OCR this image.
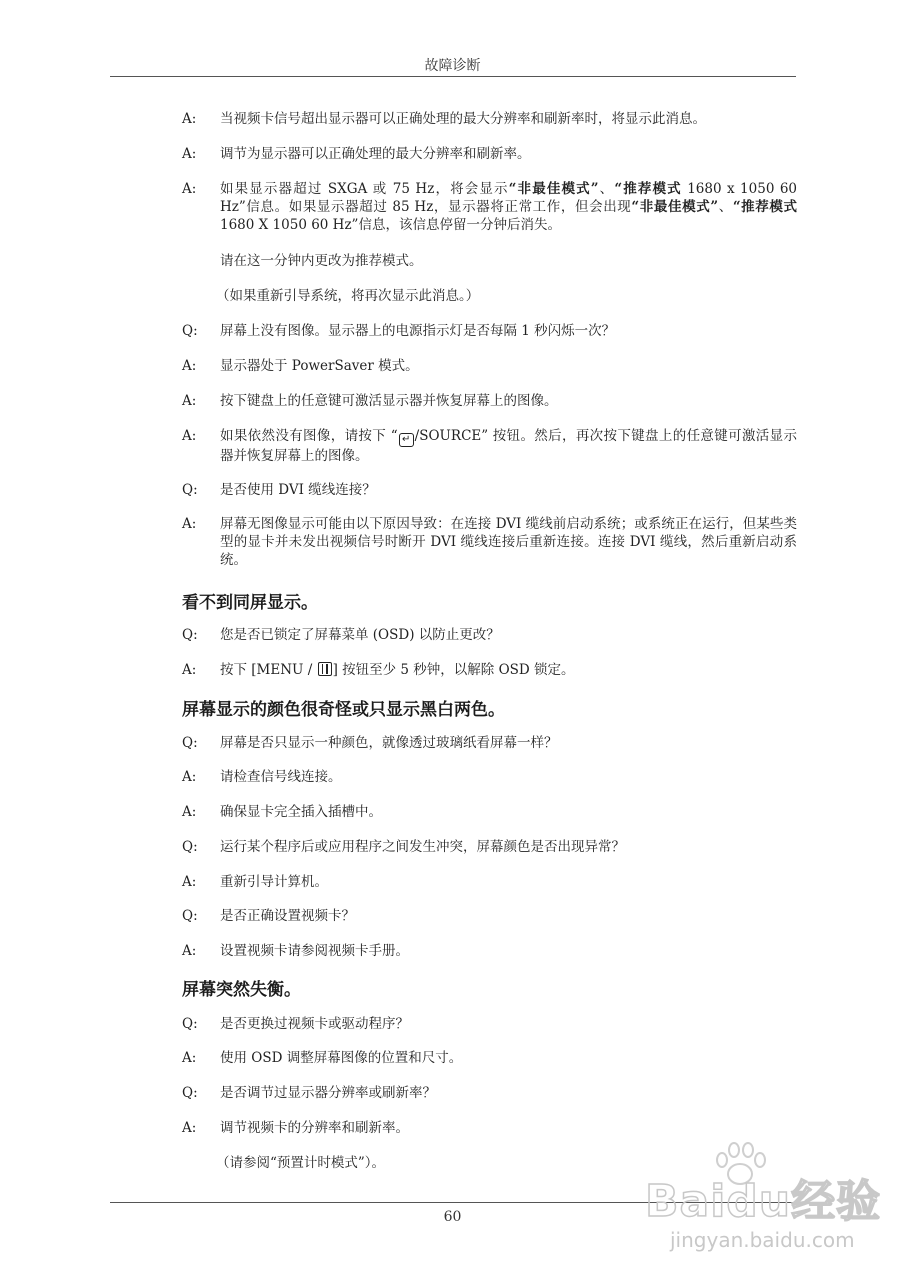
故障诊断
A:	当视频卡信号超出显示器可以正确处理的最大分辨率和刷新率时，将显示此消息。
A:	调节为显示器可以正确处理的最大分辨率和刷新率。
A:	如果显示器超过 SXGA 或 75 Hz，将会显示“非最佳模式”、“推荐模式 1680 x 1050 60 Hz”信息。如果显示器超过 85 Hz，显示器将正常工作，但会出现“非最佳模式”、“推荐模式 1680 X 1050 60 Hz”信息，该信息停留一分钟后消失。
请在这一分钟内更改为推荐模式。
（如果重新引导系统，将再次显示此消息。）
Q:	屏幕上没有图像。显示器上的电源指示灯是否每隔 1 秒闪烁一次？
A:	显示器处于 PowerSaver 模式。
A:	按下键盘上的任意键可激活显示器并恢复屏幕上的图像。
A:	如果依然没有图像，请按下 “ ↵ /SOURCE” 按钮。然后，再次按下键盘上的任意键可激活显示器并恢复屏幕上的图像。
Q:	是否使用 DVI 缆线连接？
A:	屏幕无图像显示可能由以下原因导致：在连接 DVI 缆线前启动系统；或系统正在运行，但某些类型的显卡并未发出视频信号时断开 DVI 缆线连接后重新连接。连接 DVI 缆线，然后重新启动系统。
看不到同屏显示。
Q:	您是否已锁定了屏幕菜单 (OSD) 以防止更改？
A:	按下 [MENU / ] 按钮至少 5 秒钟，以解除 OSD 锁定。
屏幕显示的颜色很奇怪或只显示黑白两色。
Q:	屏幕是否只显示一种颜色，就像透过玻璃纸看屏幕一样？
A:	请检查信号线连接。
A:	确保显卡完全插入插槽中。
Q:	运行某个程序后或应用程序之间发生冲突，屏幕颜色是否出现异常？
A:	重新引导计算机。
Q:	是否正确设置视频卡？
A:	设置视频卡请参阅视频卡手册。
屏幕突然失衡。
Q:	是否更换过视频卡或驱动程序？
A:	使用 OSD 调整屏幕图像的位置和尺寸。
Q:	是否调节过显示器分辨率或刷新率？
A:	调节视频卡的分辨率和刷新率。
（请参阅“预置计时模式”）。
60	Baidu经验
jingyan.baidu.com
